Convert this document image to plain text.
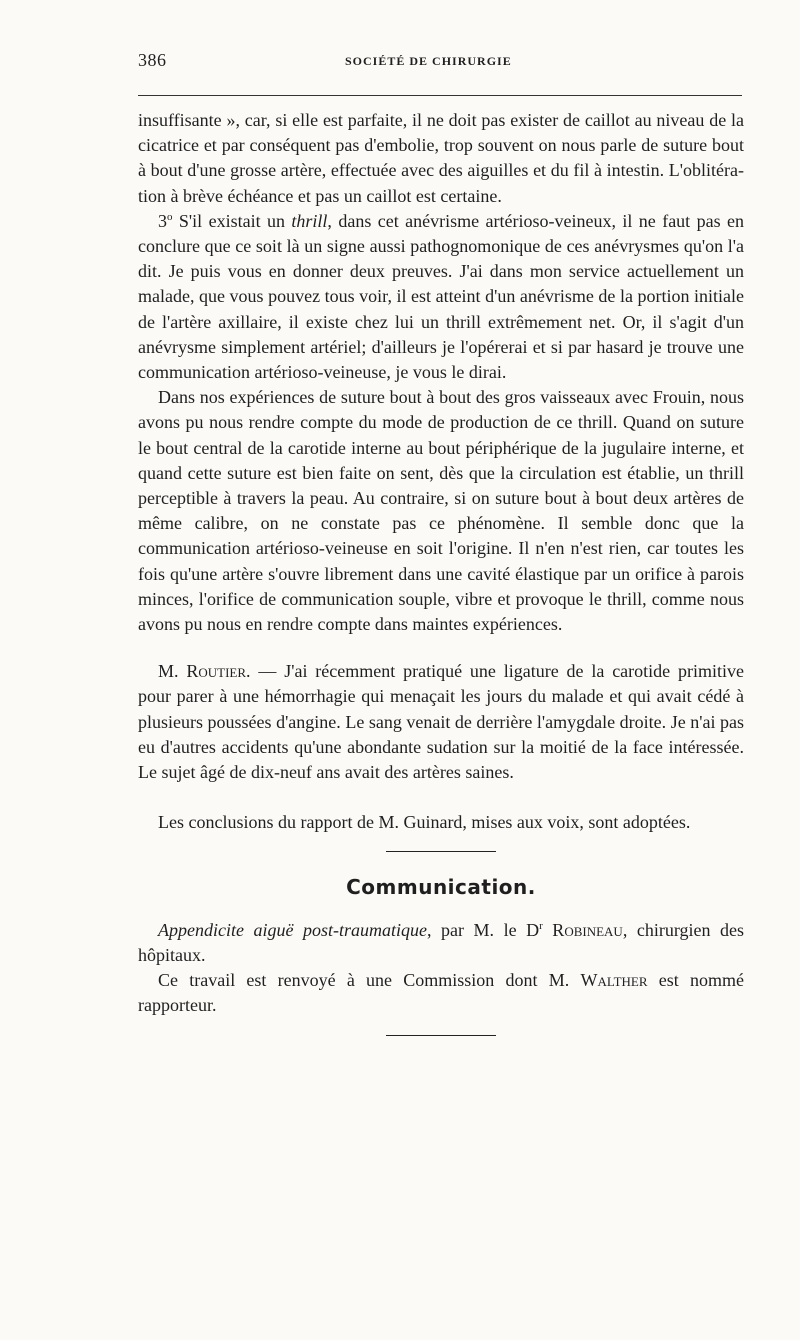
386	SOCIÉTÉ DE CHIRURGIE

insuffisante », car, si elle est parfaite, il ne doit pas exister de caillot au niveau de la cicatrice et par conséquent pas d'embolie, trop souvent on nous parle de suture bout à bout d'une grosse artère, effectuée avec des aiguilles et du fil à intestin. L'oblitération à brève échéance et pas un caillot est certaine.

3$^o$ S'il existait un thrill, dans cet anévrisme artérioso-veineux, il ne faut pas en conclure que ce soit là un signe aussi pathognomonique de ces anévrysmes qu'on l'a dit. Je puis vous en donner deux preuves. J'ai dans mon service actuellement un malade, que vous pouvez tous voir, il est atteint d'un anévrisme de la portion initiale de l'artère axillaire, il existe chez lui un thrill extrêmement net. Or, il s'agit d'un anévrysme simplement artériel; d'ailleurs je l'opérerai et si par hasard je trouve une communication artérioso-veineuse, je vous le dirai.

Dans nos expériences de suture bout à bout des gros vaisseaux avec Frouin, nous avons pu nous rendre compte du mode de production de ce thrill. Quand on suture le bout central de la carotide interne au bout périphérique de la jugulaire interne, et quand cette suture est bien faite on sent, dès que la circulation est établie, un thrill perceptible à travers la peau. Au contraire, si on suture bout à bout deux artères de même calibre, on ne constate pas ce phénomène. Il semble donc que la communication artérioso-veineuse en soit l'origine. Il n'en n'est rien, car toutes les fois qu'une artère s'ouvre librement dans une cavité élastique par un orifice à parois minces, l'orifice de communication souple, vibre et provoque le thrill, comme nous avons pu nous en rendre compte dans maintes expériences.

M. Routier. — J'ai récemment pratiqué une ligature de la carotide primitive pour parer à une hémorrhagie qui menaçait les jours du malade et qui avait cédé à plusieurs poussées d'angine. Le sang venait de derrière l'amygdale droite. Je n'ai pas eu d'autres accidents qu'une abondante sudation sur la moitié de la face intéressée. Le sujet âgé de dix-neuf ans avait des artères saines.

Les conclusions du rapport de M. Guinard, mises aux voix, sont adoptées.

Communication.

Appendicite aiguë post-traumatique, par M. le $D^r$ Robineau, chirurgien des hôpitaux.

Ce travail est renvoyé à une Commission dont M. Walther est nommé rapporteur.
